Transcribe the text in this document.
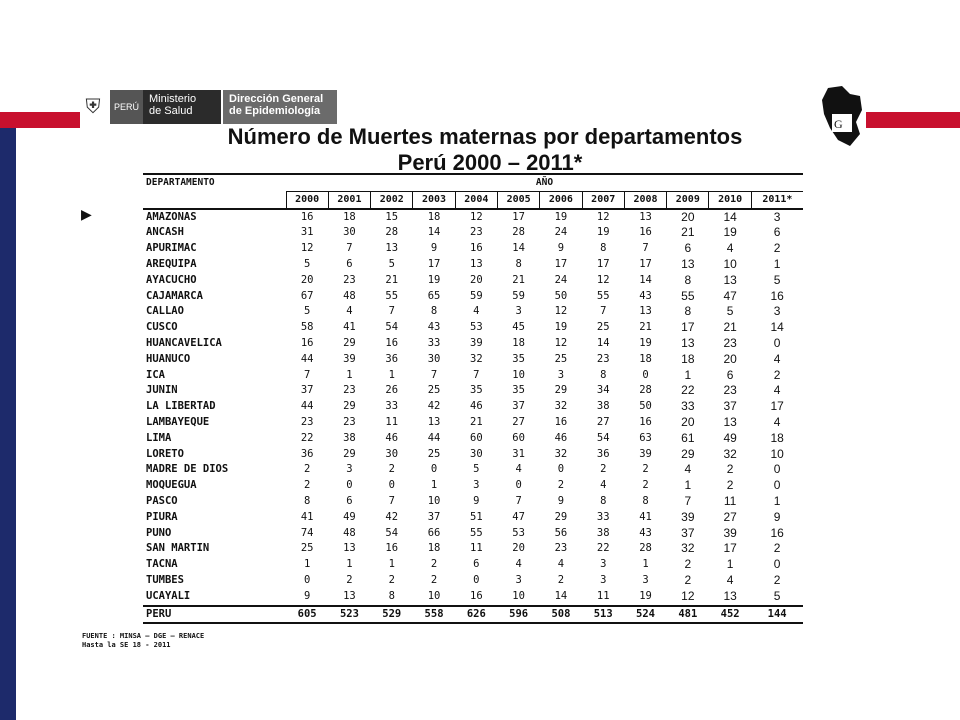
⛨	PERÚ
Ministerio
de Salud
Dirección General
de Epidemiología
G
Número de Muertes maternas por departamentos
Perú 2000 – 2011*
▶
DEPARTAMENTO	AÑO											
	2000	2001	2002	2003	2004	2005	2006	2007	2008	2009	2010	2011*
AMAZONAS	16	18	15	18	12	17	19	12	13	20	14	3
ANCASH	31	30	28	14	23	28	24	19	16	21	19	6
APURIMAC	12	7	13	9	16	14	9	8	7	6	4	2
AREQUIPA	5	6	5	17	13	8	17	17	17	13	10	1
AYACUCHO	20	23	21	19	20	21	24	12	14	8	13	5
CAJAMARCA	67	48	55	65	59	59	50	55	43	55	47	16
CALLAO	5	4	7	8	4	3	12	7	13	8	5	3
CUSCO	58	41	54	43	53	45	19	25	21	17	21	14
HUANCAVELICA	16	29	16	33	39	18	12	14	19	13	23	0
HUANUCO	44	39	36	30	32	35	25	23	18	18	20	4
ICA	7	1	1	7	7	10	3	8	0	1	6	2
JUNIN	37	23	26	25	35	35	29	34	28	22	23	4
LA LIBERTAD	44	29	33	42	46	37	32	38	50	33	37	17
LAMBAYEQUE	23	23	11	13	21	27	16	27	16	20	13	4
LIMA	22	38	46	44	60	60	46	54	63	61	49	18
LORETO	36	29	30	25	30	31	32	36	39	29	32	10
MADRE DE DIOS	2	3	2	0	5	4	0	2	2	4	2	0
MOQUEGUA	2	0	0	1	3	0	2	4	2	1	2	0
PASCO	8	6	7	10	9	7	9	8	8	7	11	1
PIURA	41	49	42	37	51	47	29	33	41	39	27	9
PUNO	74	48	54	66	55	53	56	38	43	37	39	16
SAN MARTIN	25	13	16	18	11	20	23	22	28	32	17	2
TACNA	1	1	1	2	6	4	4	3	1	2	1	0
TUMBES	0	2	2	2	0	3	2	3	3	2	4	2
UCAYALI	9	13	8	10	16	10	14	11	19	12	13	5
PERU	605	523	529	558	626	596	508	513	524	481	452	144
FUENTE : MINSA – DGE – RENACE
Hasta la SE 18 - 2011
